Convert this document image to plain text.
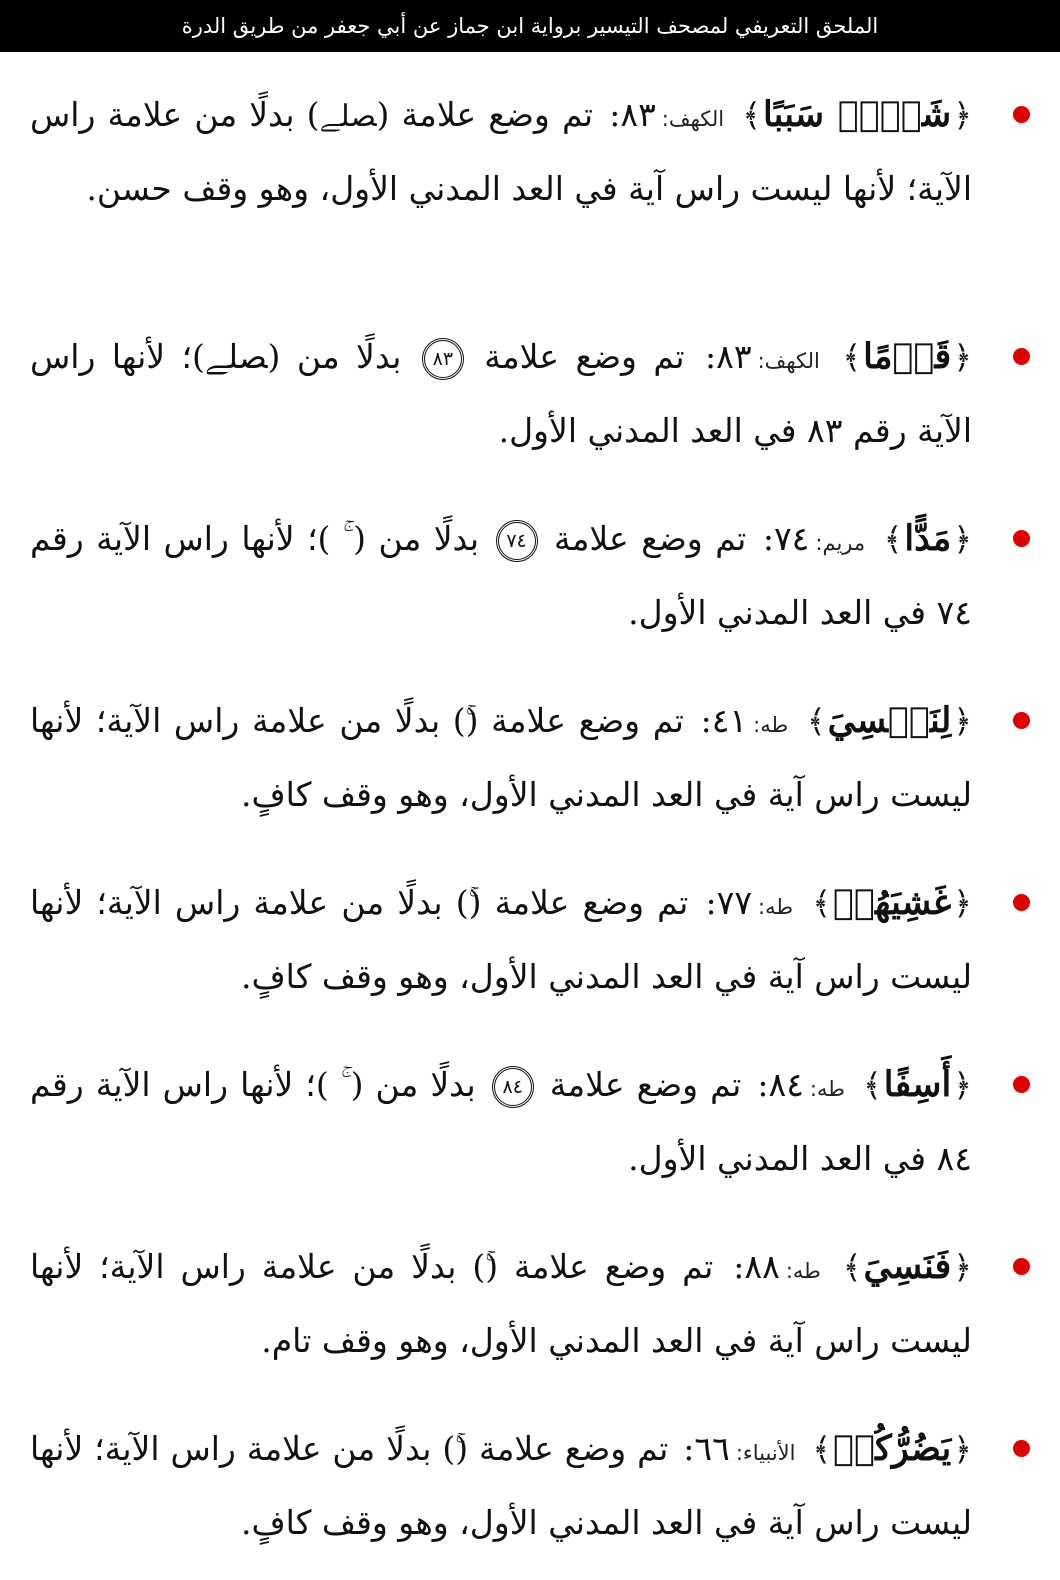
الملحق التعريفي لمصحف التيسير برواية ابن جماز عن أبي جعفر من طريق الدرة

﴿شَيۡءٖ سَبَبًا﴾ الكهف:٨٣: تم وضع علامة (ﺼﻠﮯ) بدلًا من علامة راس الآية؛ لأنها ليست راس آية في العد المدني الأول، وهو وقف حسن.

﴿قَوۡمًا﴾ الكهف:٨٣: تم وضع علامة ٨٣ بدلًا من (ﺼﻠﮯ)؛ لأنها راس الآية رقم ٨٣ في العد المدني الأول.

﴿مَدًّا﴾ مريم:٧٤: تم وضع علامة ٧٤ بدلًا من ( ۚ )؛ لأنها راس الآية رقم ٧٤ في العد المدني الأول.

﴿لِنَفۡسِيَ﴾ طه:٤١: تم وضع علامة () بدلًا من علامة راس الآية؛ لأنها ليست راس آية في العد المدني الأول، وهو وقف كافٍ.

﴿غَشِيَهُمۡ﴾ طه:٧٧: تم وضع علامة () بدلًا من علامة راس الآية؛ لأنها ليست راس آية في العد المدني الأول، وهو وقف كافٍ.

﴿أَسِفًا﴾ طه:٨٤: تم وضع علامة ٨٤ بدلًا من ( ۚ )؛ لأنها راس الآية رقم ٨٤ في العد المدني الأول.

﴿فَنَسِيَ﴾ طه:٨٨: تم وضع علامة () بدلًا من علامة راس الآية؛ لأنها ليست راس آية في العد المدني الأول، وهو وقف تام.

﴿يَضُرُّكُمۡ﴾ الأنبياء:٦٦: تم وضع علامة () بدلًا من علامة راس الآية؛ لأنها ليست راس آية في العد المدني الأول، وهو وقف كافٍ.
